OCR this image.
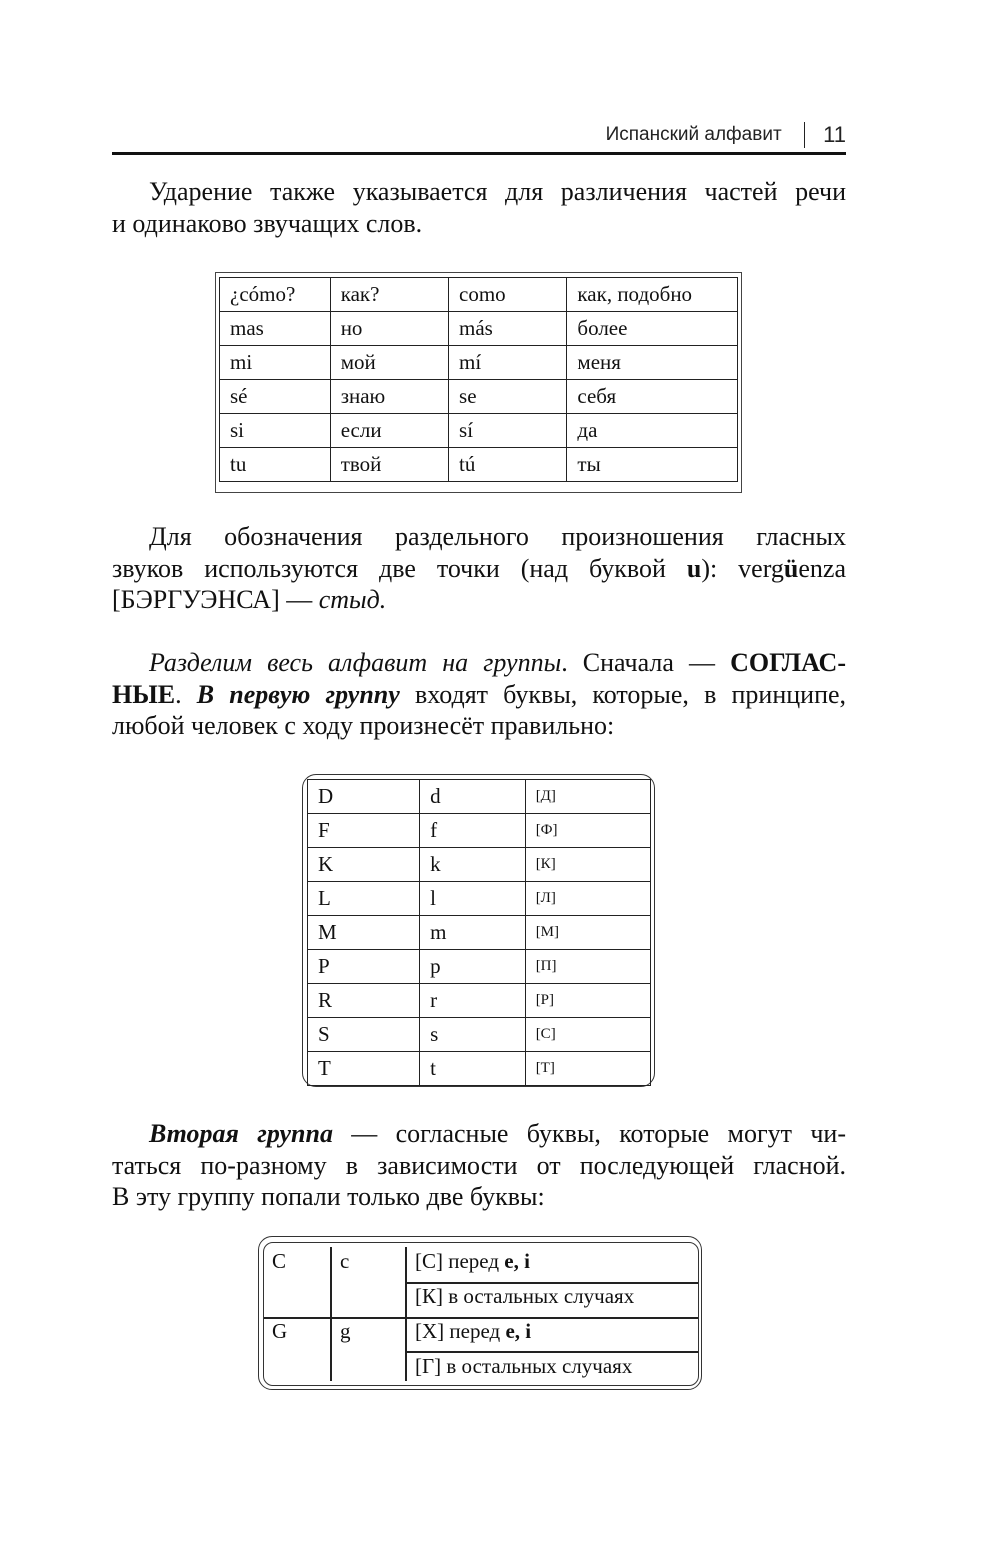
Испанский алфавит 11
Ударение также указывается для различения частей речи
и одинаково звучащих слов.
¿cómo?	как?	como	как, подобно
mas	но	más	более
mi	мой	mí	меня
sé	знаю	se	себя
si	если	sí	да
tu	твой	tú	ты
Для обозначения раздельного произношения гласных
звуков используются две точки (над буквой u): vergüenza
[БЭРГУЭНСА] — стыд.
Разделим весь алфавит на группы. Сначала — СОГЛАС-
НЫЕ. В первую группу входят буквы, которые, в принципе,
любой человек с ходу произнесёт правильно:
D	d	[Д]
F	f	[Ф]
K	k	[К]
L	l	[Л]
M	m	[М]
P	p	[П]
R	r	[Р]
S	s	[С]
T	t	[Т]
Вторая группа — согласные буквы, которые могут чи-
таться по-разному в зависимости от последующей гласной.
В эту группу попали только две буквы:
C	c	[С] перед e, i
[К] в остальных случаях
G	g	[Х] перед e, i
[Г] в остальных случаях
